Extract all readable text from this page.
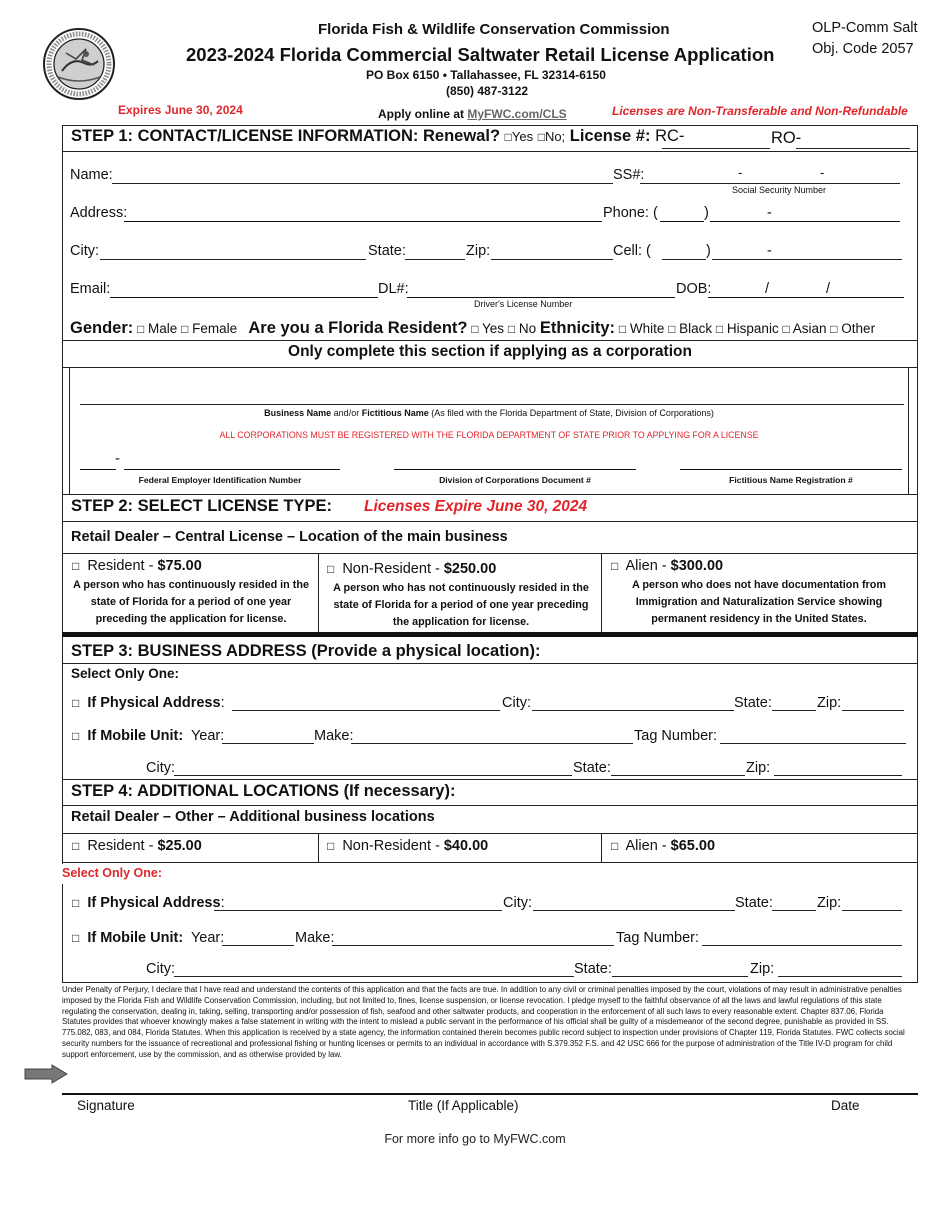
Florida Fish & Wildlife Conservation Commission
2023-2024 Florida Commercial Saltwater Retail License Application
PO Box 6150 • Tallahassee, FL 32314-6150
(850) 487-3122
OLP-Comm Salt
Obj. Code 2057
Expires June 30, 2024	Apply online at MyFWC.com/CLS	Licenses are Non-Transferable and Non-Refundable
STEP 1: CONTACT/LICENSE INFORMATION: Renewal? □Yes □No; License #: RC-	RO-
Name:	SS#:	-	-
Social Security Number
Address:	Phone: (	)	-
City:	State:	Zip:	Cell: (	)	-
Email:	DL#:
Driver's License Number
DOB:	/	/
Gender: □ Male □ Female Are you a Florida Resident? □ Yes □ No Ethnicity: □ White □ Black □ Hispanic □ Asian □ Other
Only complete this section if applying as a corporation
Business Name and/or Fictitious Name (As filed with the Florida Department of State, Division of Corporations)
ALL CORPORATIONS MUST BE REGISTERED WITH THE FLORIDA DEPARTMENT OF STATE PRIOR TO APPLYING FOR A LICENSE
-
Federal Employer Identification Number	Division of Corporations Document #	Fictitious Name Registration #
STEP 2: SELECT LICENSE TYPE: Licenses Expire June 30, 2024
Retail Dealer – Central License – Location of the main business
□ Resident - $75.00
A person who has continuously resided in the state of Florida for a period of one year preceding the application for license.
□ Non-Resident - $250.00
A person who has not continuously resided in the state of Florida for a period of one year preceding the application for license.
□ Alien - $300.00
A person who does not have documentation from Immigration and Naturalization Service showing permanent residency in the United States.
STEP 3: BUSINESS ADDRESS (Provide a physical location):
Select Only One:
□ If Physical Address:	City:	State:	Zip:
□ If Mobile Unit: Year:	Make:	Tag Number:
City:	State:	Zip:
STEP 4: ADDITIONAL LOCATIONS (If necessary):
Retail Dealer – Other – Additional business locations
□ Resident - $25.00	□ Non-Resident - $40.00	□ Alien - $65.00
Select Only One:
□ If Physical Address:	City:	State:	Zip:
□ If Mobile Unit: Year:	Make:	Tag Number:
City:	State:	Zip:
Under Penalty of Perjury, I declare that I have read and understand the contents of this application and that the facts are true. In addition to any civil or criminal penalties imposed by the court, violations of may result in administrative penalties imposed by the Florida Fish and Wildlife Conservation Commission, including, but not limited to, fines, license suspension, or license revocation. I pledge myself to the faithful observance of all the laws and lawful regulations of this state regulating the conservation, dealing in, taking, selling, transporting and/or possession of fish, seafood and other saltwater products, and cooperation in the enforcement of all such laws to every reasonable extent. Chapter 837.06, Florida Statutes provides that whoever knowingly makes a false statement in writing with the intent to mislead a public servant in the performance of his official shall be guilty of a misdemeanor of the second degree, punishable as provided in SS. 775.082, 083, and 084, Florida Statutes. When this application is received by a state agency, the information contained therein becomes public record subject to inspection under provisions of Chapter 119, Florida Statutes. FWC collects social security numbers for the issuance of recreational and professional fishing or hunting licenses or permits to an individual in accordance with S.379.352 F.S. and 42 USC 666 for the purpose of administration of the Title IV-D program for child support enforcement, use by the commission, and as otherwise provided by law.
Signature	Title (If Applicable)	Date
For more info go to MyFWC.com
